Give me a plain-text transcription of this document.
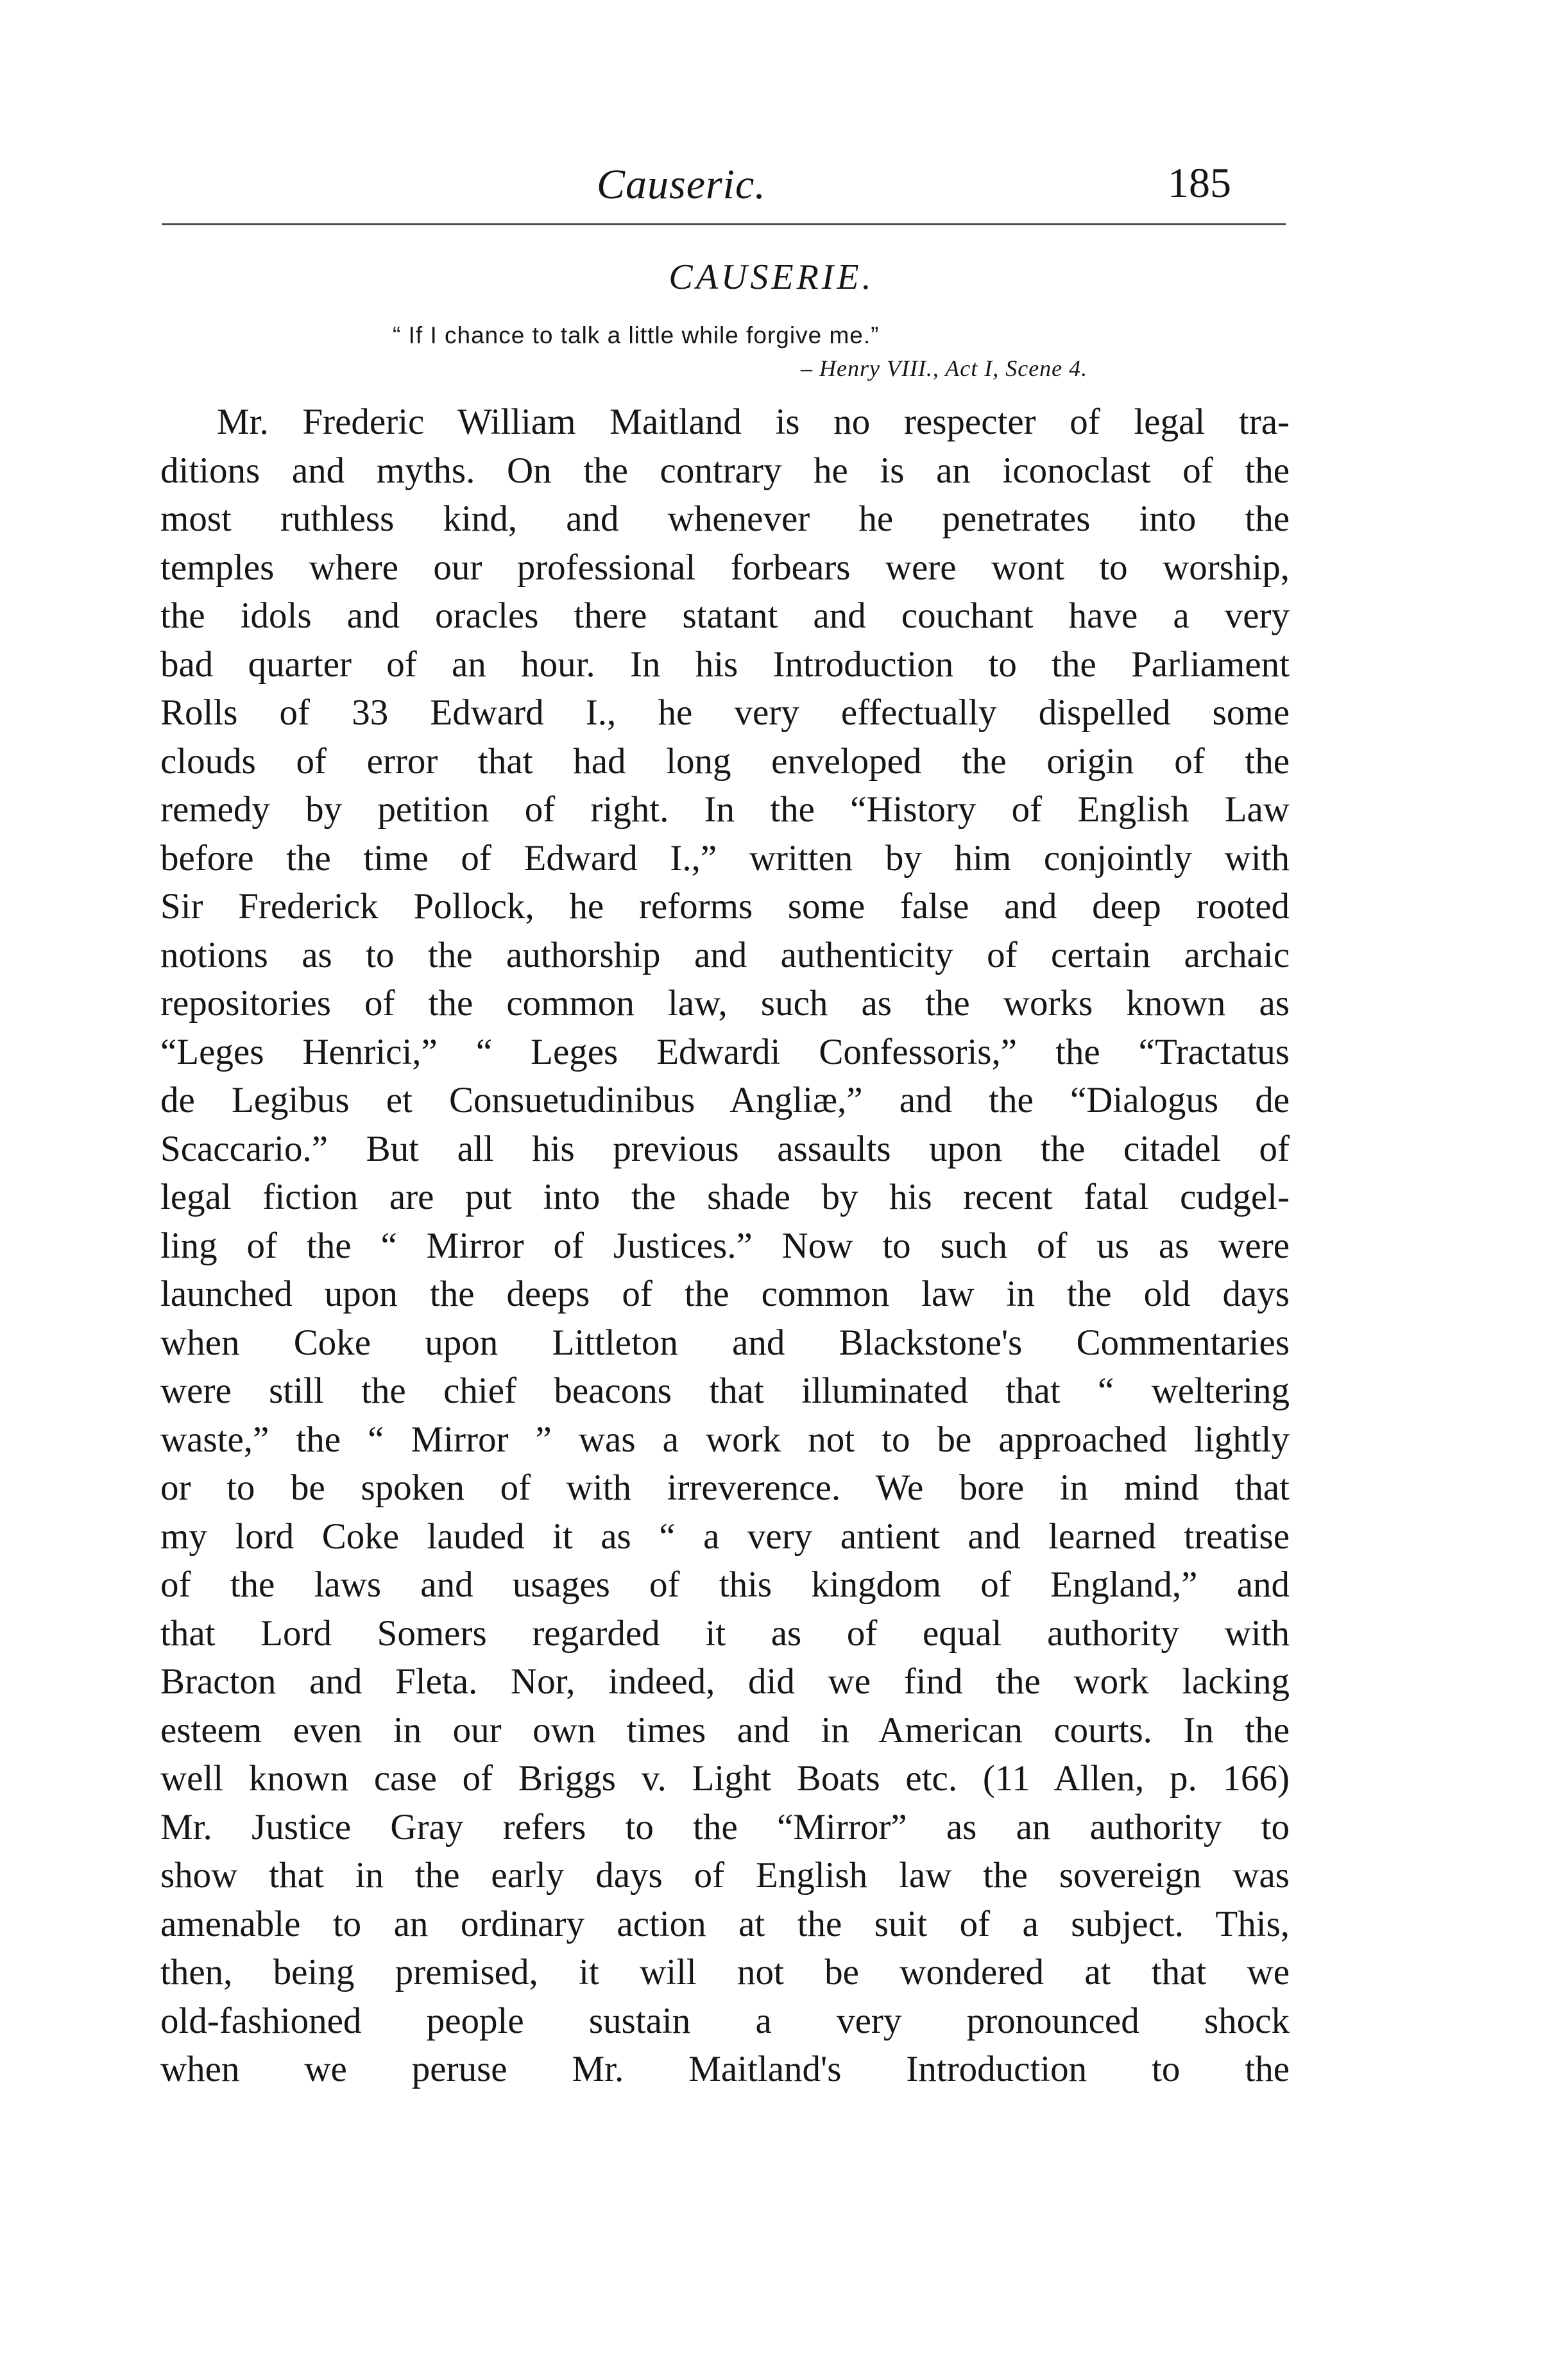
Causeric.	185
CAUSERIE.
“ If I chance to talk a little while forgive me.”
– Henry VIII., Act I, Scene 4.
Mr. Frederic William Maitland is no respecter of legal tra-
ditions and myths. On the contrary he is an iconoclast of the
most ruthless kind, and whenever he penetrates into the
temples where our professional forbears were wont to worship,
the idols and oracles there statant and couchant have a very
bad quarter of an hour. In his Introduction to the Parliament
Rolls of 33 Edward I., he very effectually dispelled some
clouds of error that had long enveloped the origin of the
remedy by petition of right. In the “History of English Law
before the time of Edward I.,” written by him conjointly with
Sir Frederick Pollock, he reforms some false and deep rooted
notions as to the authorship and authenticity of certain archaic
repositories of the common law, such as the works known as
“Leges Henrici,” “ Leges Edwardi Confessoris,” the “Tractatus
de Legibus et Consuetudinibus Angliæ,” and the “Dialogus de
Scaccario.” But all his previous assaults upon the citadel of
legal fiction are put into the shade by his recent fatal cudgel-
ling of the “ Mirror of Justices.” Now to such of us as were
launched upon the deeps of the common law in the old days
when Coke upon Littleton and Blackstone's Commentaries
were still the chief beacons that illuminated that “ weltering
waste,” the “ Mirror ” was a work not to be approached lightly
or to be spoken of with irreverence. We bore in mind that
my lord Coke lauded it as “ a very antient and learned treatise
of the laws and usages of this kingdom of England,” and
that Lord Somers regarded it as of equal authority with
Bracton and Fleta. Nor, indeed, did we find the work lacking
esteem even in our own times and in American courts. In the
well known case of Briggs v. Light Boats etc. (11 Allen, p. 166)
Mr. Justice Gray refers to the “Mirror” as an authority to
show that in the early days of English law the sovereign was
amenable to an ordinary action at the suit of a subject. This,
then, being premised, it will not be wondered at that we
old-fashioned people sustain a very pronounced shock
when we peruse Mr. Maitland's Introduction to the
